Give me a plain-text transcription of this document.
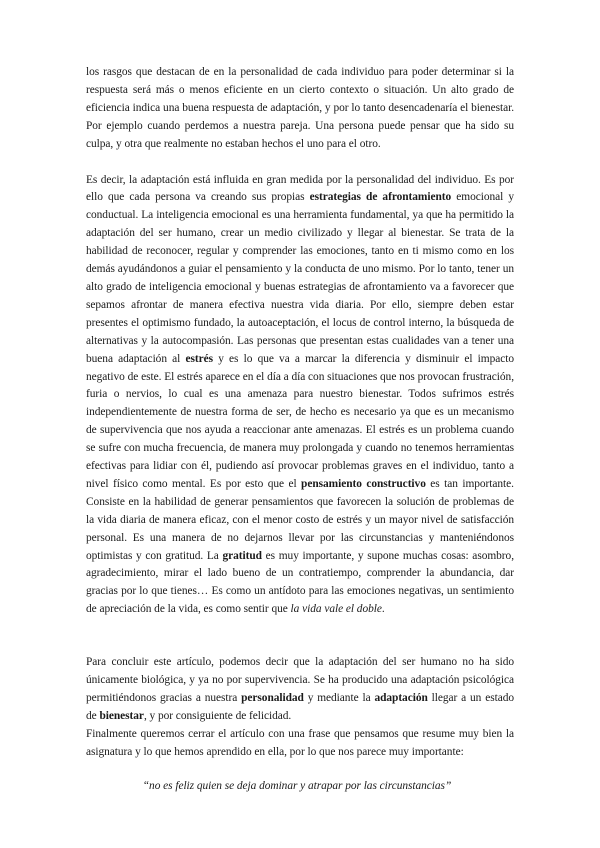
los rasgos que destacan de en la personalidad de cada individuo para poder determinar si la respuesta será más o menos eficiente en un cierto contexto o situación. Un alto grado de eficiencia indica una buena respuesta de adaptación, y por lo tanto desencadenaría el bienestar. Por ejemplo cuando perdemos a nuestra pareja. Una persona puede pensar que ha sido su culpa, y otra que realmente no estaban hechos el uno para el otro.

Es decir, la adaptación está influida en gran medida por la personalidad del individuo. Es por ello que cada persona va creando sus propias estrategias de afrontamiento emocional y conductual. La inteligencia emocional es una herramienta fundamental, ya que ha permitido la adaptación del ser humano, crear un medio civilizado y llegar al bienestar. Se trata de la habilidad de reconocer, regular y comprender las emociones, tanto en ti mismo como en los demás ayudándonos a guiar el pensamiento y la conducta de uno mismo. Por lo tanto, tener un alto grado de inteligencia emocional y buenas estrategias de afrontamiento va a favorecer que sepamos afrontar de manera efectiva nuestra vida diaria. Por ello, siempre deben estar presentes el optimismo fundado, la autoaceptación, el locus de control interno, la búsqueda de alternativas y la autocompasión. Las personas que presentan estas cualidades van a tener una buena adaptación al estrés y es lo que va a marcar la diferencia y disminuir el impacto negativo de este. El estrés aparece en el día a día con situaciones que nos provocan frustración, furia o nervios, lo cual es una amenaza para nuestro bienestar. Todos sufrimos estrés independientemente de nuestra forma de ser, de hecho es necesario ya que es un mecanismo de supervivencia que nos ayuda a reaccionar ante amenazas. El estrés es un problema cuando se sufre con mucha frecuencia, de manera muy prolongada y cuando no tenemos herramientas efectivas para lidiar con él, pudiendo así provocar problemas graves en el individuo, tanto a nivel físico como mental. Es por esto que el pensamiento constructivo es tan importante. Consiste en la habilidad de generar pensamientos que favorecen la solución de problemas de la vida diaria de manera eficaz, con el menor costo de estrés y un mayor nivel de satisfacción personal. Es una manera de no dejarnos llevar por las circunstancias y manteniéndonos optimistas y con gratitud. La gratitud es muy importante, y supone muchas cosas: asombro, agradecimiento, mirar el lado bueno de un contratiempo, comprender la abundancia, dar gracias por lo que tienes… Es como un antídoto para las emociones negativas, un sentimiento de apreciación de la vida, es como sentir que la vida vale el doble.

Para concluir este artículo, podemos decir que la adaptación del ser humano no ha sido únicamente biológica, y ya no por supervivencia. Se ha producido una adaptación psicológica permitiéndonos gracias a nuestra personalidad y mediante la adaptación llegar a un estado de bienestar, y por consiguiente de felicidad.

Finalmente queremos cerrar el artículo con una frase que pensamos que resume muy bien la asignatura y lo que hemos aprendido en ella, por lo que nos parece muy importante:

“no es feliz quien se deja dominar y atrapar por las circunstancias”
